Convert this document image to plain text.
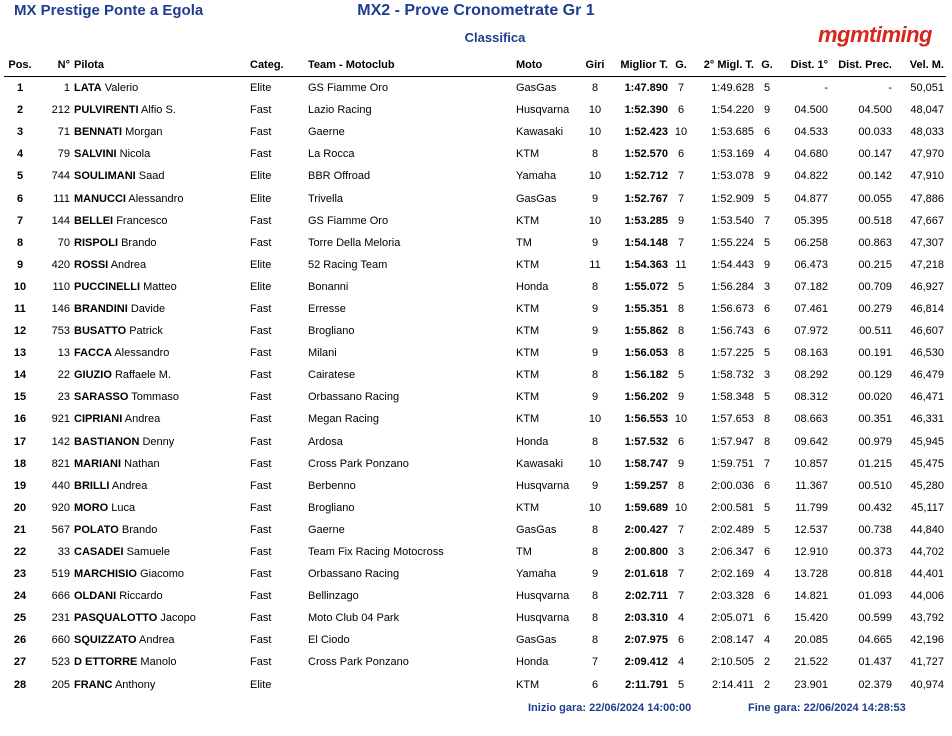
MX Prestige Ponte a Egola	MX2 - Prove Cronometrate Gr 1
Classifica	mgmtiming
Pos.	N°	Pilota	Categ.	Team - Motoclub	Moto	Giri	Miglior T.	G.	2° Migl. T.	G.	Dist. 1°	Dist. Prec.	Vel. M.
1	1	LATA Valerio	Elite	GS Fiamme Oro	GasGas	8	1:47.890	7	1:49.628	5	-	-	50,051
2	212	PULVIRENTI Alfio S.	Fast	Lazio Racing	Husqvarna	10	1:52.390	6	1:54.220	9	04.500	04.500	48,047
3	71	BENNATI Morgan	Fast	Gaerne	Kawasaki	10	1:52.423	10	1:53.685	6	04.533	00.033	48,033
4	79	SALVINI Nicola	Fast	La Rocca	KTM	8	1:52.570	6	1:53.169	4	04.680	00.147	47,970
5	744	SOULIMANI Saad	Elite	BBR Offroad	Yamaha	10	1:52.712	7	1:53.078	9	04.822	00.142	47,910
6	111	MANUCCI Alessandro	Elite	Trivella	GasGas	9	1:52.767	7	1:52.909	5	04.877	00.055	47,886
7	144	BELLEI Francesco	Fast	GS Fiamme Oro	KTM	10	1:53.285	9	1:53.540	7	05.395	00.518	47,667
8	70	RISPOLI Brando	Fast	Torre Della Meloria	TM	9	1:54.148	7	1:55.224	5	06.258	00.863	47,307
9	420	ROSSI Andrea	Elite	52 Racing Team	KTM	11	1:54.363	11	1:54.443	9	06.473	00.215	47,218
10	110	PUCCINELLI Matteo	Elite	Bonanni	Honda	8	1:55.072	5	1:56.284	3	07.182	00.709	46,927
11	146	BRANDINI Davide	Fast	Erresse	KTM	9	1:55.351	8	1:56.673	6	07.461	00.279	46,814
12	753	BUSATTO Patrick	Fast	Brogliano	KTM	9	1:55.862	8	1:56.743	6	07.972	00.511	46,607
13	13	FACCA Alessandro	Fast	Milani	KTM	9	1:56.053	8	1:57.225	5	08.163	00.191	46,530
14	22	GIUZIO Raffaele M.	Fast	Cairatese	KTM	8	1:56.182	5	1:58.732	3	08.292	00.129	46,479
15	23	SARASSO Tommaso	Fast	Orbassano Racing	KTM	9	1:56.202	9	1:58.348	5	08.312	00.020	46,471
16	921	CIPRIANI Andrea	Fast	Megan Racing	KTM	10	1:56.553	10	1:57.653	8	08.663	00.351	46,331
17	142	BASTIANON Denny	Fast	Ardosa	Honda	8	1:57.532	6	1:57.947	8	09.642	00.979	45,945
18	821	MARIANI Nathan	Fast	Cross Park Ponzano	Kawasaki	10	1:58.747	9	1:59.751	7	10.857	01.215	45,475
19	440	BRILLI Andrea	Fast	Berbenno	Husqvarna	9	1:59.257	8	2:00.036	6	11.367	00.510	45,280
20	920	MORO Luca	Fast	Brogliano	KTM	10	1:59.689	10	2:00.581	5	11.799	00.432	45,117
21	567	POLATO Brando	Fast	Gaerne	GasGas	8	2:00.427	7	2:02.489	5	12.537	00.738	44,840
22	33	CASADEI Samuele	Fast	Team Fix Racing Motocross	TM	8	2:00.800	3	2:06.347	6	12.910	00.373	44,702
23	519	MARCHISIO Giacomo	Fast	Orbassano Racing	Yamaha	9	2:01.618	7	2:02.169	4	13.728	00.818	44,401
24	666	OLDANI Riccardo	Fast	Bellinzago	Husqvarna	8	2:02.711	7	2:03.328	6	14.821	01.093	44,006
25	231	PASQUALOTTO Jacopo	Fast	Moto Club 04 Park	Husqvarna	8	2:03.310	4	2:05.071	6	15.420	00.599	43,792
26	660	SQUIZZATO Andrea	Fast	El Ciodo	GasGas	8	2:07.975	6	2:08.147	4	20.085	04.665	42,196
27	523	D ETTORRE Manolo	Fast	Cross Park Ponzano	Honda	7	2:09.412	4	2:10.505	2	21.522	01.437	41,727
28	205	FRANC Anthony	Elite		KTM	6	2:11.791	5	2:14.411	2	23.901	02.379	40,974
Inizio gara: 22/06/2024 14:00:00	Fine gara: 22/06/2024 14:28:53
